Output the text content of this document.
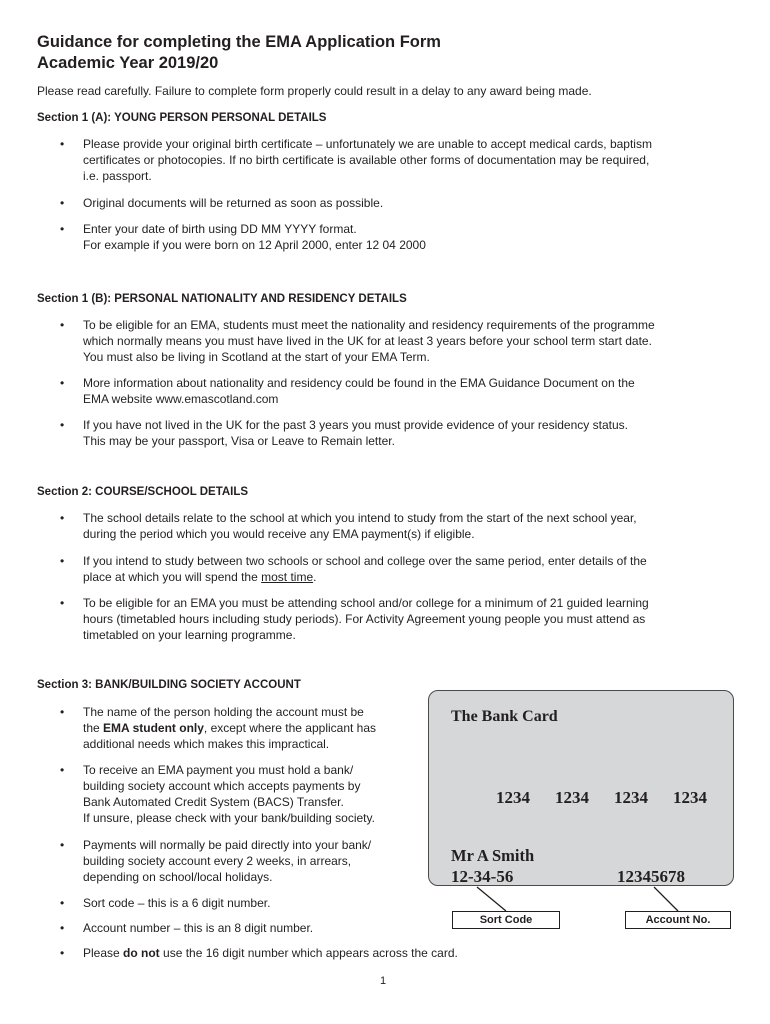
Guidance for completing the EMA Application Form
Academic Year 2019/20
Please read carefully. Failure to complete form properly could result in a delay to any award being made.
Section 1 (A): YOUNG PERSON PERSONAL DETAILS
• Please provide your original birth certificate – unfortunately we are unable to accept medical cards, baptism
certificates or photocopies. If no birth certificate is available other forms of documentation may be required,
i.e. passport.
• Original documents will be returned as soon as possible.
• Enter your date of birth using DD MM YYYY format.
For example if you were born on 12 April 2000, enter 12 04 2000
Section 1 (B): PERSONAL NATIONALITY AND RESIDENCY DETAILS
• To be eligible for an EMA, students must meet the nationality and residency requirements of the programme
which normally means you must have lived in the UK for at least 3 years before your school term start date.
You must also be living in Scotland at the start of your EMA Term.
• More information about nationality and residency could be found in the EMA Guidance Document on the
EMA website www.emascotland.com
• If you have not lived in the UK for the past 3 years you must provide evidence of your residency status.
This may be your passport, Visa or Leave to Remain letter.
Section 2: COURSE/SCHOOL DETAILS
• The school details relate to the school at which you intend to study from the start of the next school year,
during the period which you would receive any EMA payment(s) if eligible.
• If you intend to study between two schools or school and college over the same period, enter details of the
place at which you will spend the most time.
• To be eligible for an EMA you must be attending school and/or college for a minimum of 21 guided learning
hours (timetabled hours including study periods). For Activity Agreement young people you must attend as
timetabled on your learning programme.
Section 3: BANK/BUILDING SOCIETY ACCOUNT
• The name of the person holding the account must be
the EMA student only, except where the applicant has
additional needs which makes this impractical.
• To receive an EMA payment you must hold a bank/
building society account which accepts payments by
Bank Automated Credit System (BACS) Transfer.
If unsure, please check with your bank/building society.
• Payments will normally be paid directly into your bank/
building society account every 2 weeks, in arrears,
depending on school/local holidays.
• Sort code – this is a 6 digit number.
• Account number – this is an 8 digit number.
• Please do not use the 16 digit number which appears across the card.
The Bank Card
1234 1234 1234 1234
Mr A Smith
12-34-56	12345678
Sort Code	Account No.
1
